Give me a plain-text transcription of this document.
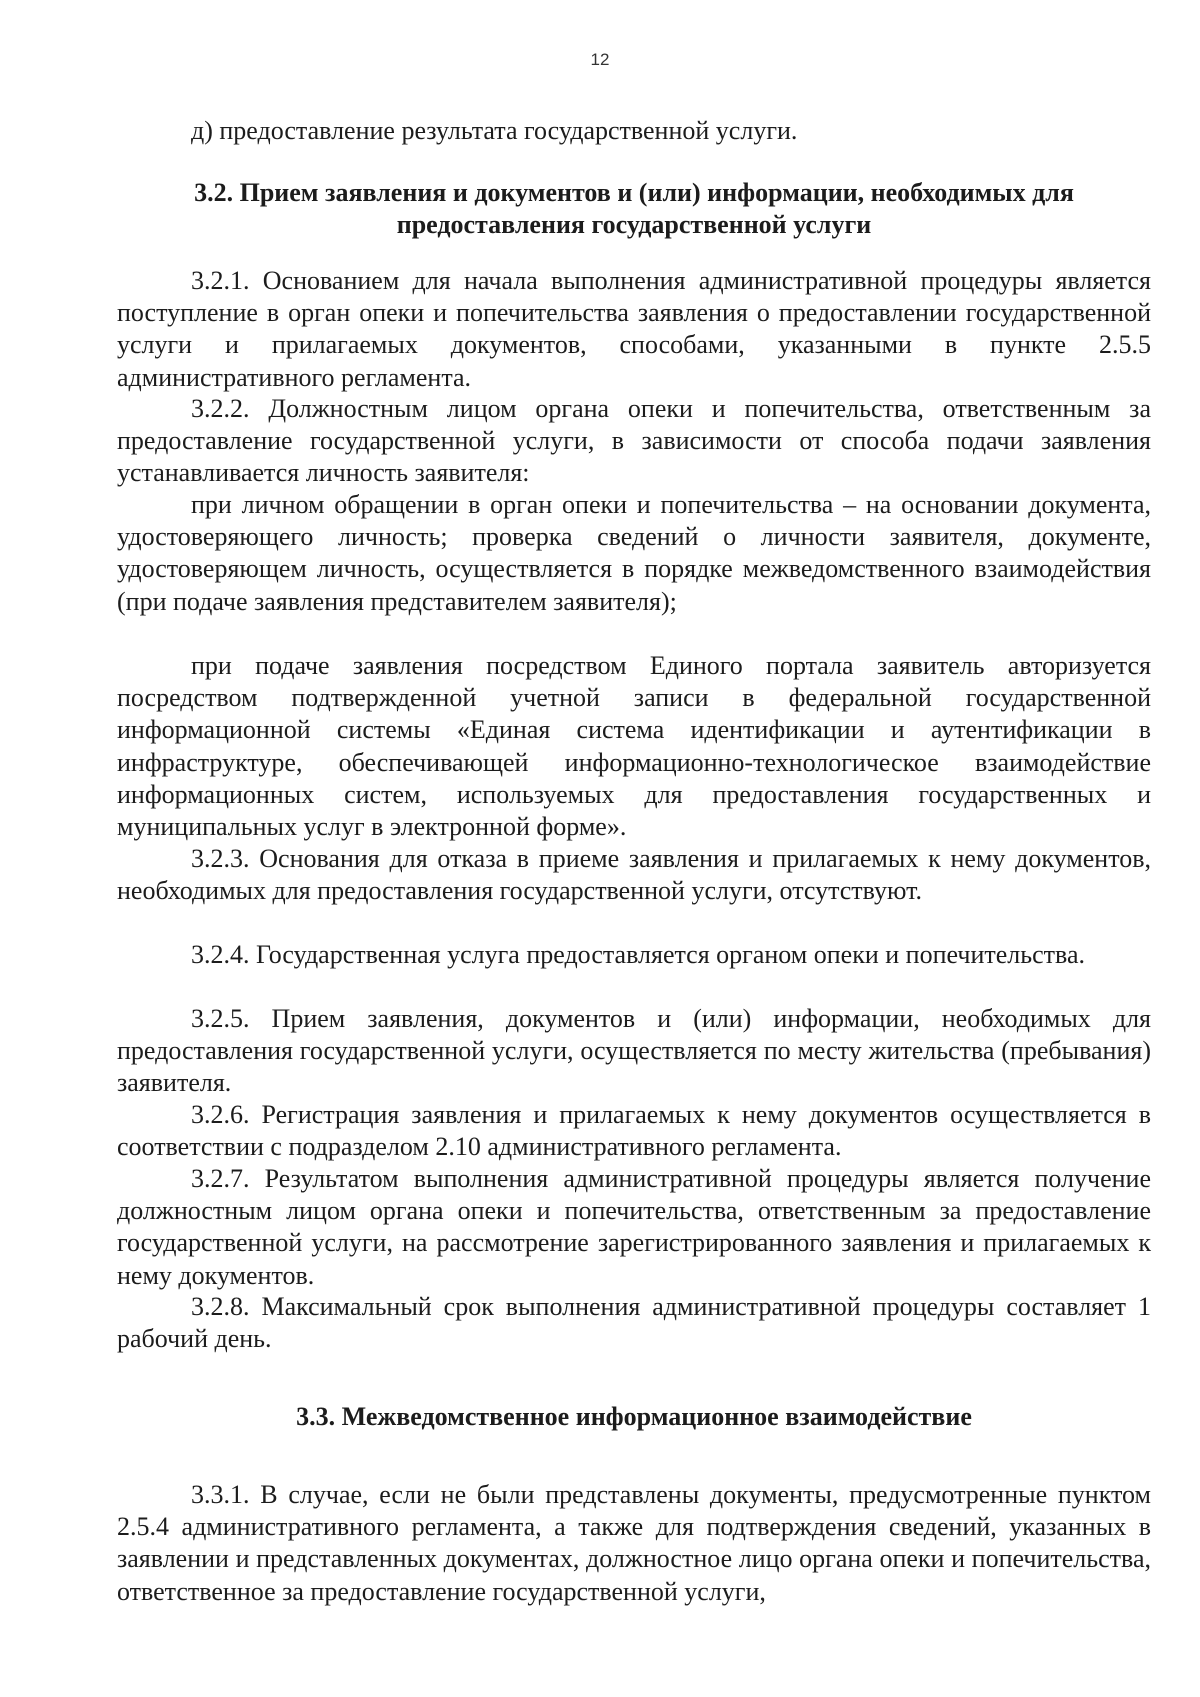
12
д) предоставление результата государственной услуги.
3.2. Прием заявления и документов и (или) информации, необходимых для предоставления государственной услуги
3.2.1. Основанием для начала выполнения административной процедуры является поступление в орган опеки и попечительства заявления о предоставлении государственной услуги и прилагаемых документов, способами, указанными в пункте 2.5.5 административного регламента.
3.2.2. Должностным лицом органа опеки и попечительства, ответственным за предоставление государственной услуги, в зависимости от способа подачи заявления устанавливается личность заявителя:
при личном обращении в орган опеки и попечительства – на основании документа, удостоверяющего личность; проверка сведений о личности заявителя, документе, удостоверяющем личность, осуществляется в порядке межведомственного взаимодействия (при подаче заявления представителем заявителя);
при подаче заявления посредством Единого портала заявитель авторизуется посредством подтвержденной учетной записи в федеральной государственной информационной системы «Единая система идентификации и аутентификации в инфраструктуре, обеспечивающей информационно-технологическое взаимодействие информационных систем, используемых для предоставления государственных и муниципальных услуг в электронной форме».
3.2.3. Основания для отказа в приеме заявления и прилагаемых к нему документов, необходимых для предоставления государственной услуги, отсутствуют.
3.2.4. Государственная услуга предоставляется органом опеки и попечительства.
3.2.5. Прием заявления, документов и (или) информации, необходимых для предоставления государственной услуги, осуществляется по месту жительства (пребывания) заявителя.
3.2.6. Регистрация заявления и прилагаемых к нему документов осуществляется в соответствии с подразделом 2.10 административного регламента.
3.2.7. Результатом выполнения административной процедуры является получение должностным лицом органа опеки и попечительства, ответственным за предоставление государственной услуги, на рассмотрение зарегистрированного заявления и прилагаемых к нему документов.
3.2.8. Максимальный срок выполнения административной процедуры составляет 1 рабочий день.
3.3. Межведомственное информационное взаимодействие
3.3.1. В случае, если не были представлены документы, предусмотренные пунктом 2.5.4 административного регламента, а также для подтверждения сведений, указанных в заявлении и представленных документах, должностное лицо органа опеки и попечительства, ответственное за предоставление государственной услуги,
